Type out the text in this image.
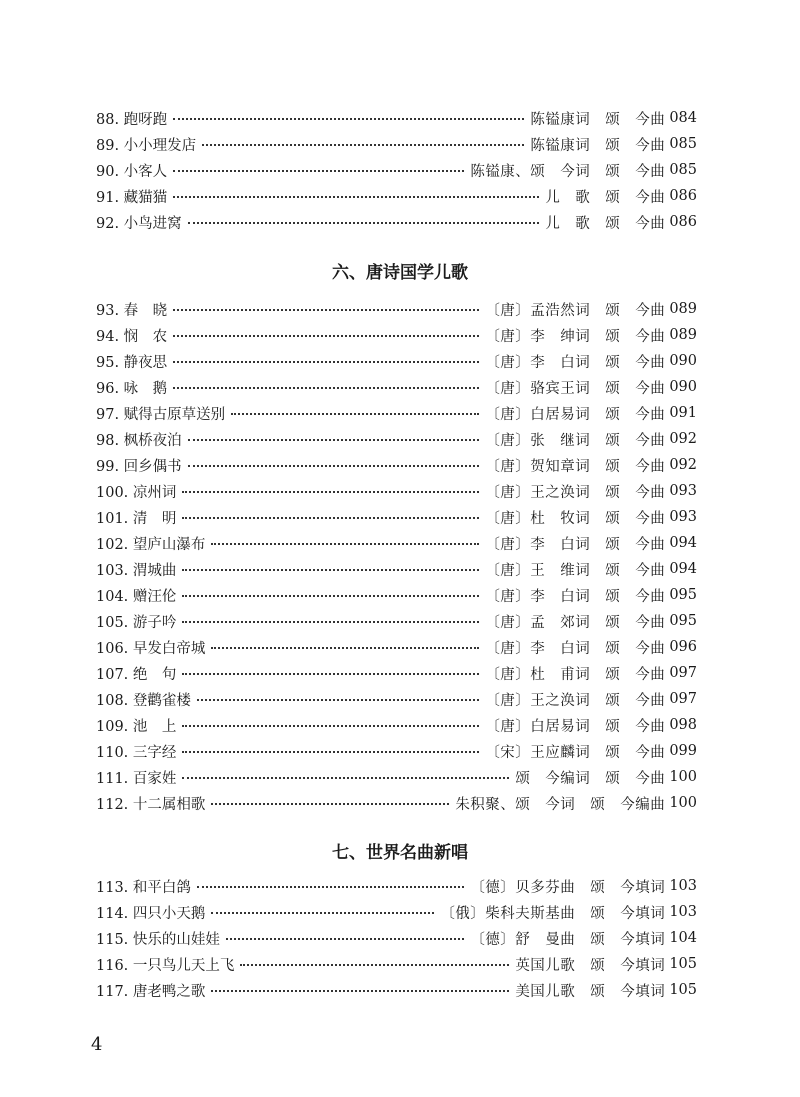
88. 跑呀跑	陈镒康词　颂　今曲 084
89. 小小理发店	陈镒康词　颂　今曲 085
90. 小客人	陈镒康、颂　今词　颂　今曲 085
91. 藏猫猫	儿　歌　颂　今曲 086
92. 小鸟进窝	儿　歌　颂　今曲 086
六、唐诗国学儿歌
93. 春　晓	〔唐〕孟浩然词　颂　今曲 089
94. 悯　农	〔唐〕李　绅词　颂　今曲 089
95. 静夜思	〔唐〕李　白词　颂　今曲 090
96. 咏　鹅	〔唐〕骆宾王词　颂　今曲 090
97. 赋得古原草送别	〔唐〕白居易词　颂　今曲 091
98. 枫桥夜泊	〔唐〕张　继词　颂　今曲 092
99. 回乡偶书	〔唐〕贺知章词　颂　今曲 092
100. 凉州词	〔唐〕王之涣词　颂　今曲 093
101. 清　明	〔唐〕杜　牧词　颂　今曲 093
102. 望庐山瀑布	〔唐〕李　白词　颂　今曲 094
103. 渭城曲	〔唐〕王　维词　颂　今曲 094
104. 赠汪伦	〔唐〕李　白词　颂　今曲 095
105. 游子吟	〔唐〕孟　郊词　颂　今曲 095
106. 早发白帝城	〔唐〕李　白词　颂　今曲 096
107. 绝　句	〔唐〕杜　甫词　颂　今曲 097
108. 登鹳雀楼	〔唐〕王之涣词　颂　今曲 097
109. 池　上	〔唐〕白居易词　颂　今曲 098
110. 三字经	〔宋〕王应麟词　颂　今曲 099
111. 百家姓	颂　今编词　颂　今曲 100
112. 十二属相歌	朱积聚、颂　今词　颂　今编曲 100
七、世界名曲新唱
113. 和平白鸽	〔德〕贝多芬曲　颂　今填词 103
114. 四只小天鹅	〔俄〕柴科夫斯基曲　颂　今填词 103
115. 快乐的山娃娃	〔德〕舒　曼曲　颂　今填词 104
116. 一只鸟儿天上飞	英国儿歌　颂　今填词 105
117. 唐老鸭之歌	美国儿歌　颂　今填词 105
4
